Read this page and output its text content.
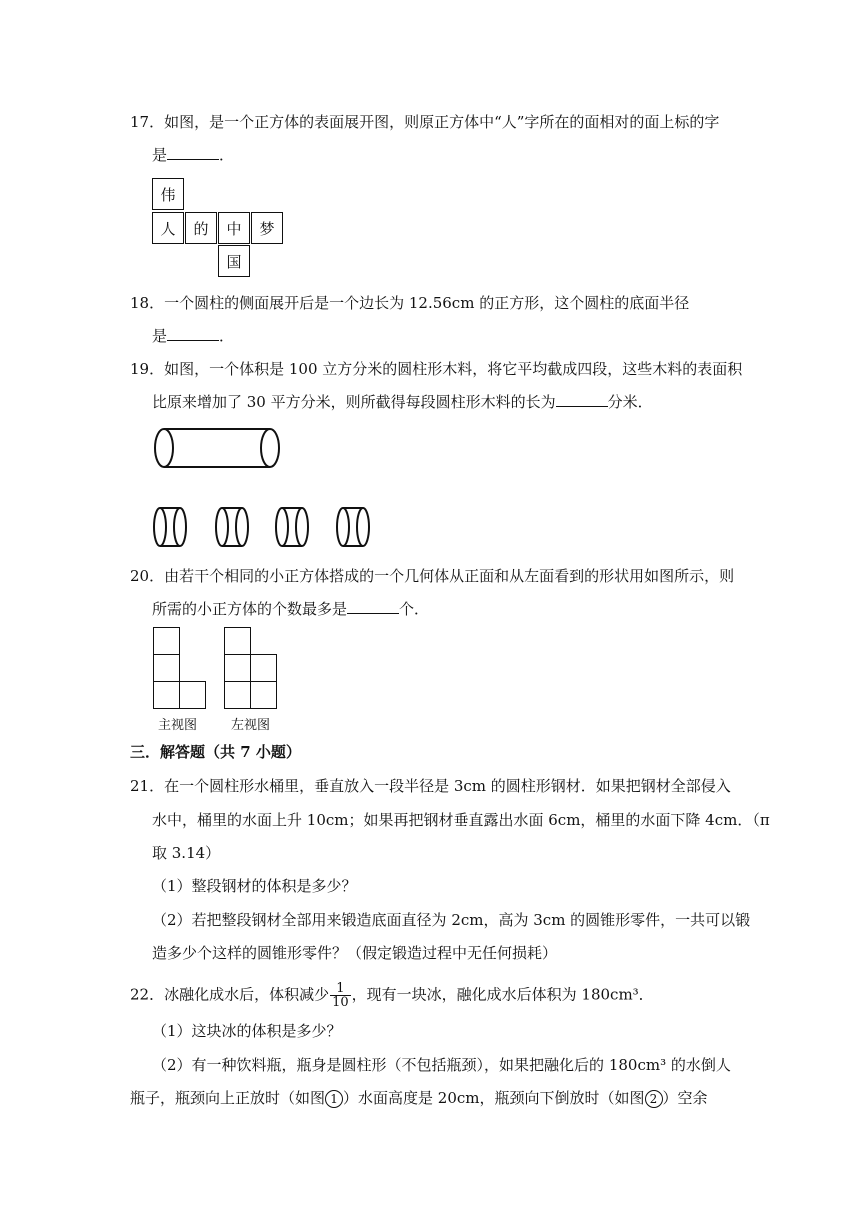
17．如图，是一个正方体的表面展开图，则原正方体中“人”字所在的面相对的面上标的字
是	．
伟
人	的	中	梦
国
18．一个圆柱的侧面展开后是一个边长为 12.56cm 的正方形，这个圆柱的底面半径
是	．
19．如图，一个体积是 100 立方分米的圆柱形木料，将它平均截成四段，这些木料的表面积
比原来增加了 30 平方分米，则所截得每段圆柱形木料的长为	分米．
20．由若干个相同的小正方体搭成的一个几何体从正面和从左面看到的形状用如图所示，则
所需的小正方体的个数最多是	个．
主视图	左视图
三．解答题（共 7 小题）
21．在一个圆柱形水桶里，垂直放入一段半径是 3cm 的圆柱形钢材．如果把钢材全部侵入
水中，桶里的水面上升 10cm；如果再把钢材垂直露出水面 6cm，桶里的水面下降 4cm．（π
取 3.14）
（1）整段钢材的体积是多少？
（2）若把整段钢材全部用来锻造底面直径为 2cm，高为 3cm 的圆锥形零件，一共可以锻
造多少个这样的圆锥形零件？（假定锻造过程中无任何损耗）
22．冰融化成水后，体积减少 $\frac{1}{10}$ ，现有一块冰，融化成水后体积为 180cm³．
（1）这块冰的体积是多少？
（2）有一种饮料瓶，瓶身是圆柱形（不包括瓶颈），如果把融化后的 180cm³ 的水倒人
瓶子，瓶颈向上正放时（如图 1 ）水面高度是 20cm，瓶颈向下倒放时（如图 2 ）空余
